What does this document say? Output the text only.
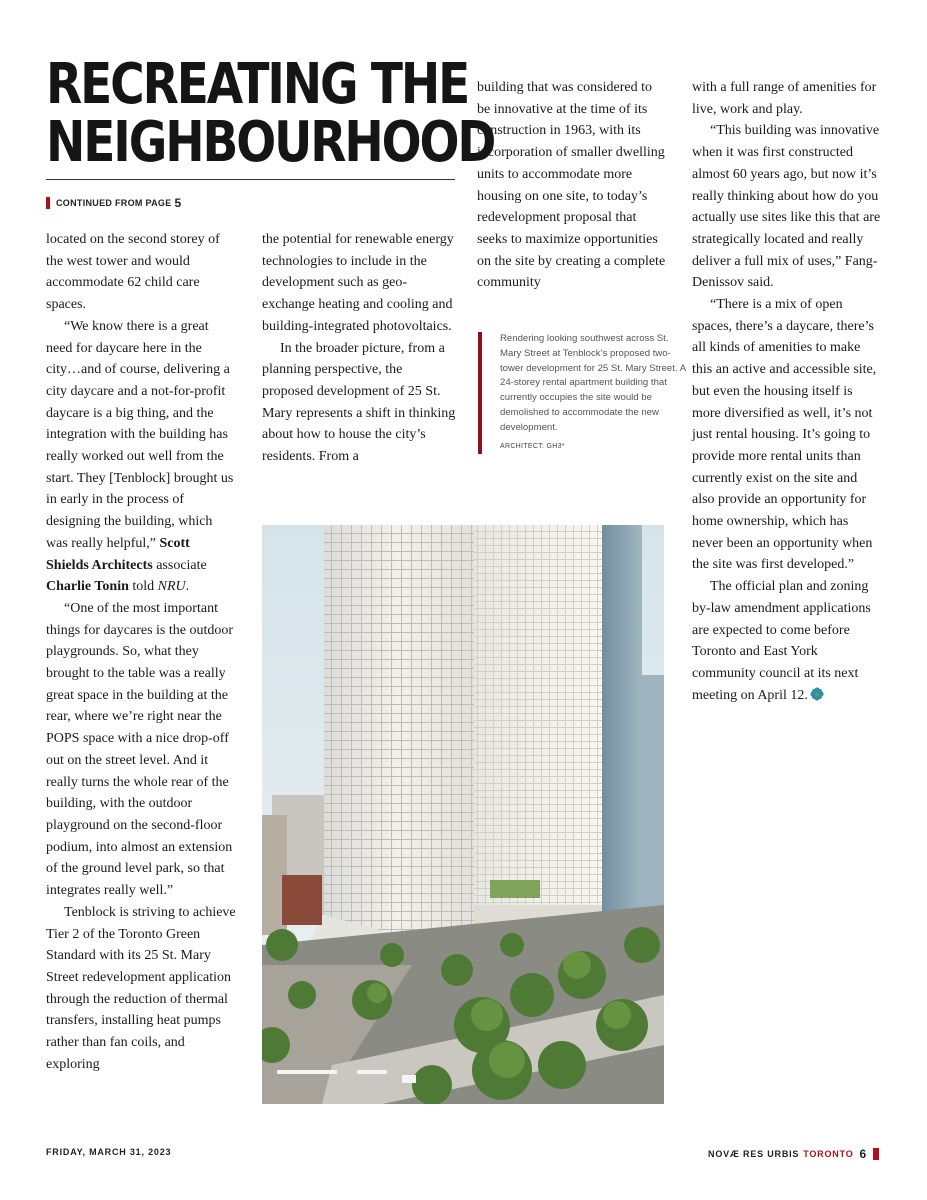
RECREATING THE
NEIGHBOURHOOD
CONTINUED FROM PAGE 5

located on the second storey of the west tower and would accommodate 62 child care spaces.

“We know there is a great need for daycare here in the city…and of course, delivering a city daycare and a not-for-profit daycare is a big thing, and the integration with the building has really worked out well from the start. They [Tenblock] brought us in early in the process of designing the building, which was really helpful,” Scott Shields Architects associate Charlie Tonin told NRU.

“One of the most important things for daycares is the outdoor playgrounds. So, what they brought to the table was a really great space in the building at the rear, where we’re right near the POPS space with a nice drop-off out on the street level. And it really turns the whole rear of the building, with the outdoor playground on the second-floor podium, into almost an extension of the ground level park, so that integrates really well.”

Tenblock is striving to achieve Tier 2 of the Toronto Green Standard with its 25 St. Mary Street redevelopment application through the reduction of thermal transfers, installing heat pumps rather than fan coils, and exploring

the potential for renewable energy technologies to include in the development such as geo-exchange heating and cooling and building-integrated photovoltaics.

In the broader picture, from a planning perspective, the proposed development of 25 St. Mary represents a shift in thinking about how to house the city’s residents. From a

building that was considered to be innovative at the time of its construction in 1963, with its incorporation of smaller dwelling units to accommodate more housing on one site, to today’s redevelopment proposal that seeks to maximize opportunities on the site by creating a complete community

Rendering looking southwest across St. Mary Street at Tenblock’s proposed two-tower development for 25 St. Mary Street. A 24-storey rental apartment building that currently occupies the site would be demolished to accommodate the new development.
ARCHITECT: GH3*

with a full range of amenities for live, work and play.

“This building was innovative when it was first constructed almost 60 years ago, but now it’s really thinking about how do you actually use sites like this that are strategically located and really deliver a full mix of uses,” Fang-Denissov said.

“There is a mix of open spaces, there’s a daycare, there’s all kinds of amenities to make this an active and accessible site, but even the housing itself is more diversified as well, it’s not just rental housing. It’s going to provide more rental units than currently exist on the site and also provide an opportunity for home ownership, which has never been an opportunity when the site was first developed.”

The official plan and zoning by-law amendment applications are expected to come before Toronto and East York community council at its next meeting on April 12.

FRIDAY, MARCH 31, 2023	NOVÆ RES URBIS TORONTO 6
